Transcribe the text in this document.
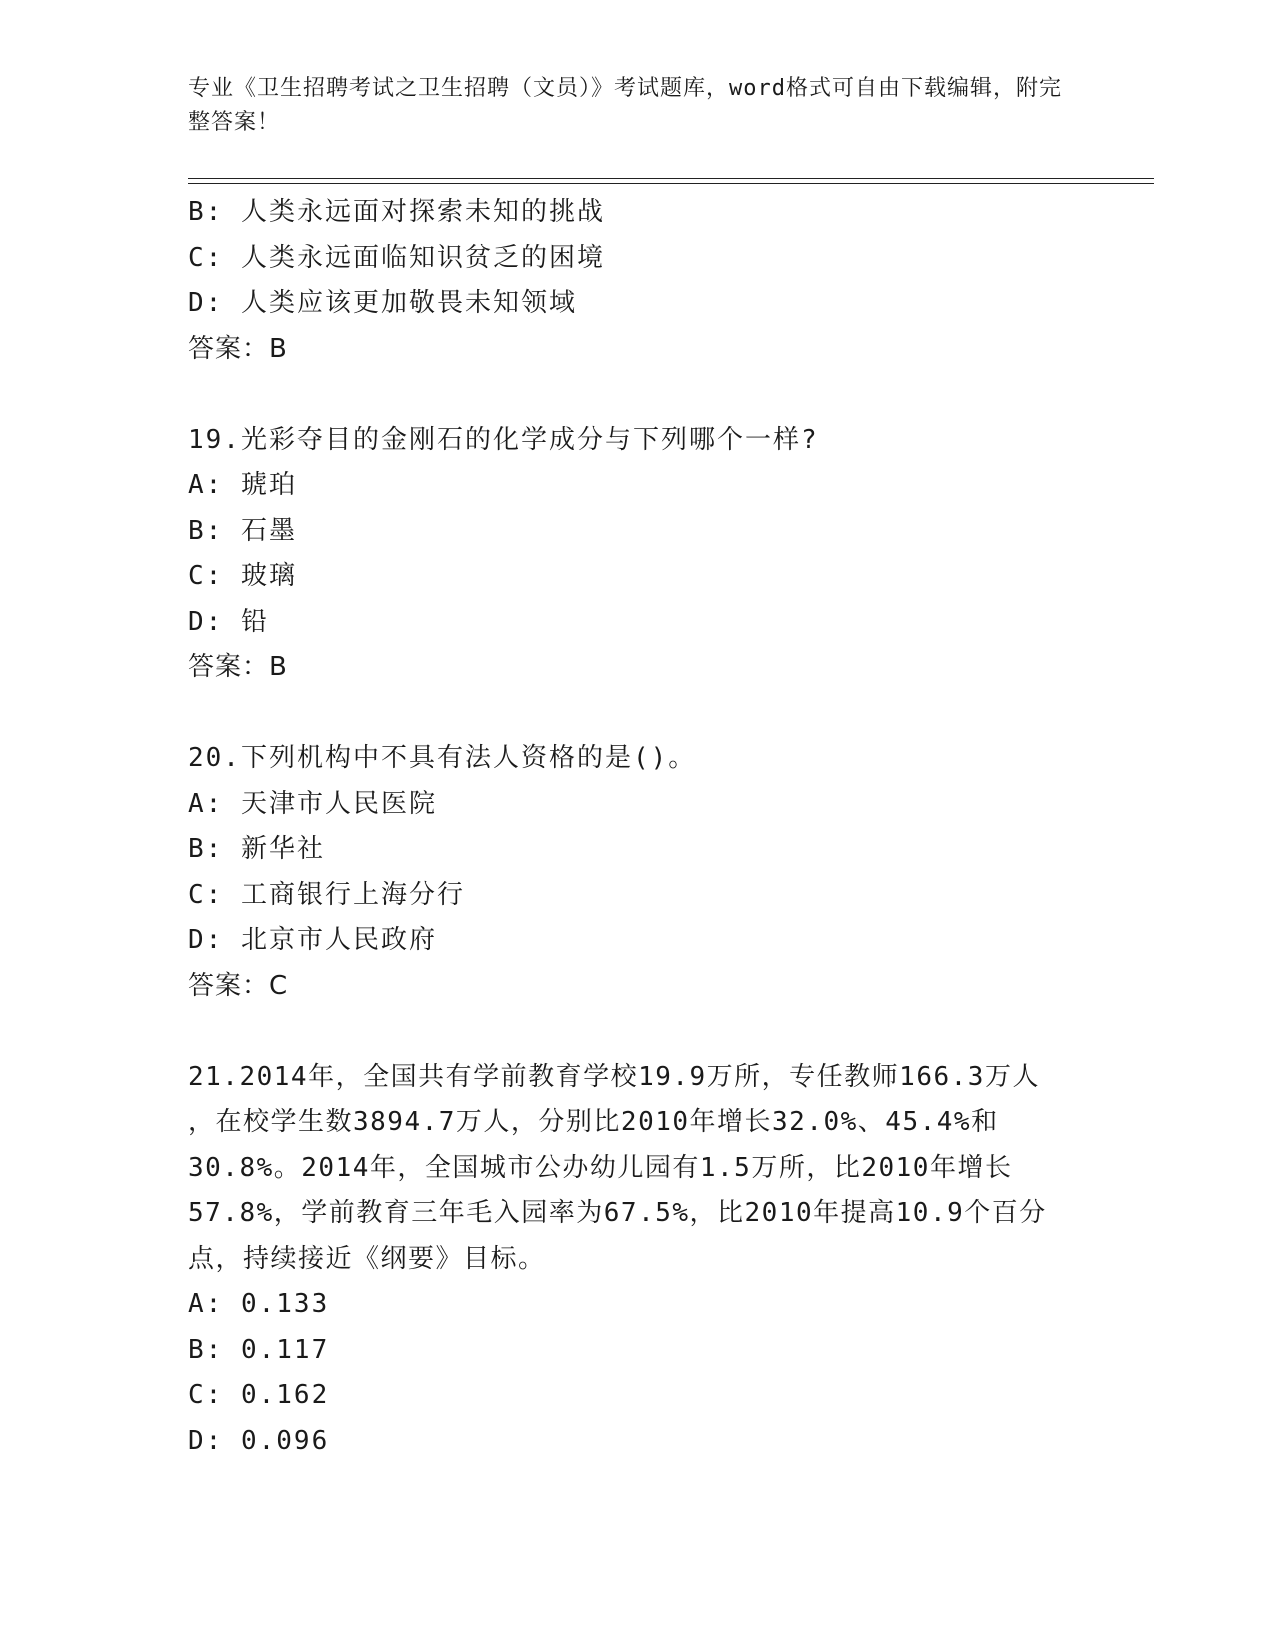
专业《卫生招聘考试之卫生招聘（文员）》考试题库，word格式可自由下载编辑，附完整答案！
B: 人类永远面对探索未知的挑战
C: 人类永远面临知识贫乏的困境
D: 人类应该更加敬畏未知领域
答案：B
19.光彩夺目的金刚石的化学成分与下列哪个一样?
A: 琥珀
B: 石墨
C: 玻璃
D: 铅
答案：B
20.下列机构中不具有法人资格的是()。
A: 天津市人民医院
B: 新华社
C: 工商银行上海分行
D: 北京市人民政府
答案：C
21.2014年，全国共有学前教育学校19.9万所，专任教师166.3万人
，在校学生数3894.7万人，分别比2010年增长32.0%、45.4%和
30.8%。2014年，全国城市公办幼儿园有1.5万所，比2010年增长
57.8%，学前教育三年毛入园率为67.5%，比2010年提高10.9个百分
点，持续接近《纲要》目标。
A: 0.133
B: 0.117
C: 0.162
D: 0.096
